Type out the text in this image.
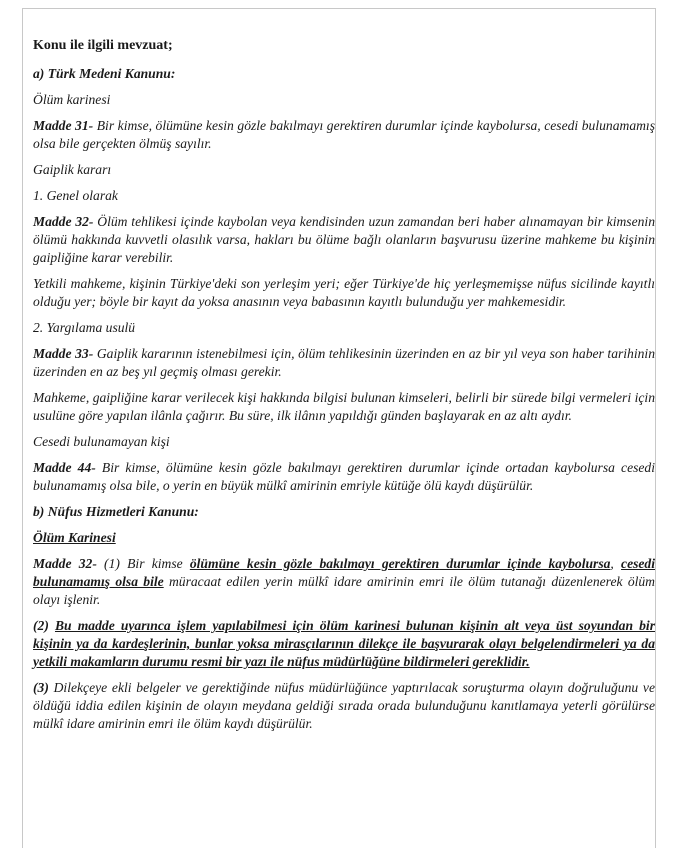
Konu ile ilgili mevzuat;

a) Türk Medeni Kanunu:

Ölüm karinesi

Madde 31- Bir kimse, ölümüne kesin gözle bakılmayı gerektiren durumlar içinde kaybolursa, cesedi bulunamamış olsa bile gerçekten ölmüş sayılır.

Gaiplik kararı

1. Genel olarak

Madde 32- Ölüm tehlikesi içinde kaybolan veya kendisinden uzun zamandan beri haber alınamayan bir kimsenin ölümü hakkında kuvvetli olasılık varsa, hakları bu ölüme bağlı olanların başvurusu üzerine mahkeme bu kişinin gaipliğine karar verebilir.

Yetkili mahkeme, kişinin Türkiye'deki son yerleşim yeri; eğer Türkiye'de hiç yerleşmemişse nüfus sicilinde kayıtlı olduğu yer; böyle bir kayıt da yoksa anasının veya babasının kayıtlı bulunduğu yer mahkemesidir.

2. Yargılama usulü

Madde 33- Gaiplik kararının istenebilmesi için, ölüm tehlikesinin üzerinden en az bir yıl veya son haber tarihinin üzerinden en az beş yıl geçmiş olması gerekir.

Mahkeme, gaipliğine karar verilecek kişi hakkında bilgisi bulunan kimseleri, belirli bir sürede bilgi vermeleri için usulüne göre yapılan ilânla çağırır. Bu süre, ilk ilânın yapıldığı günden başlayarak en az altı aydır.

Cesedi bulunamayan kişi

Madde 44- Bir kimse, ölümüne kesin gözle bakılmayı gerektiren durumlar içinde ortadan kaybolursa cesedi bulunamamış olsa bile, o yerin en büyük mülkî amirinin emriyle kütüğe ölü kaydı düşürülür.

b) Nüfus Hizmetleri Kanunu:

Ölüm Karinesi

Madde 32- (1) Bir kimse ölümüne kesin gözle bakılmayı gerektiren durumlar içinde kaybolursa, cesedi bulunamamış olsa bile müracaat edilen yerin mülkî idare amirinin emri ile ölüm tutanağı düzenlenerek ölüm olayı işlenir.

(2) Bu madde uyarınca işlem yapılabilmesi için ölüm karinesi bulunan kişinin alt veya üst soyundan bir kişinin ya da kardeşlerinin, bunlar yoksa mirasçılarının dilekçe ile başvurarak olayı belgelendirmeleri ya da yetkili makamların durumu resmi bir yazı ile nüfus müdürlüğüne bildirmeleri gereklidir.

(3) Dilekçeye ekli belgeler ve gerektiğinde nüfus müdürlüğünce yaptırılacak soruşturma olayın doğruluğunu ve öldüğü iddia edilen kişinin de olayın meydana geldiği sırada orada bulunduğunu kanıtlamaya yeterli görülürse mülkî idare amirinin emri ile ölüm kaydı düşürülür.
